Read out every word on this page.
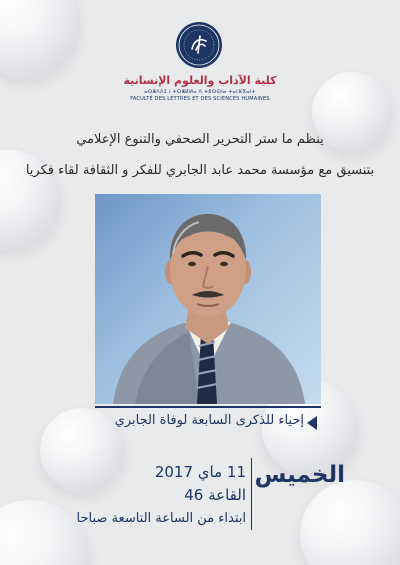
كلية الآداب والعلوم الإنسانية
ⴰⵙⴻⴷⴷⵉ ⵏ ⵜⵙⴻⴽⵍⴰ ⴷ ⵜⵓⵙⵙⵏⴰ ⵜⴰⵏⴼⴳⴰⵏⵜ
FACULTÉ DES LETTRES ET DES SCIENCES HUMAINES
ينظم ما ستر التحرير الصحفي والتنوع الإعلامي
بتنسيق مع مؤسسة محمد عابد الجابري للفكر و الثقافة لقاء فكريا
إحياء للذكرى السابعة لوفاة الجابري
الخميس
11 ماي 2017
القاعة 46
ابتداء من الساعة التاسعة صباحا
